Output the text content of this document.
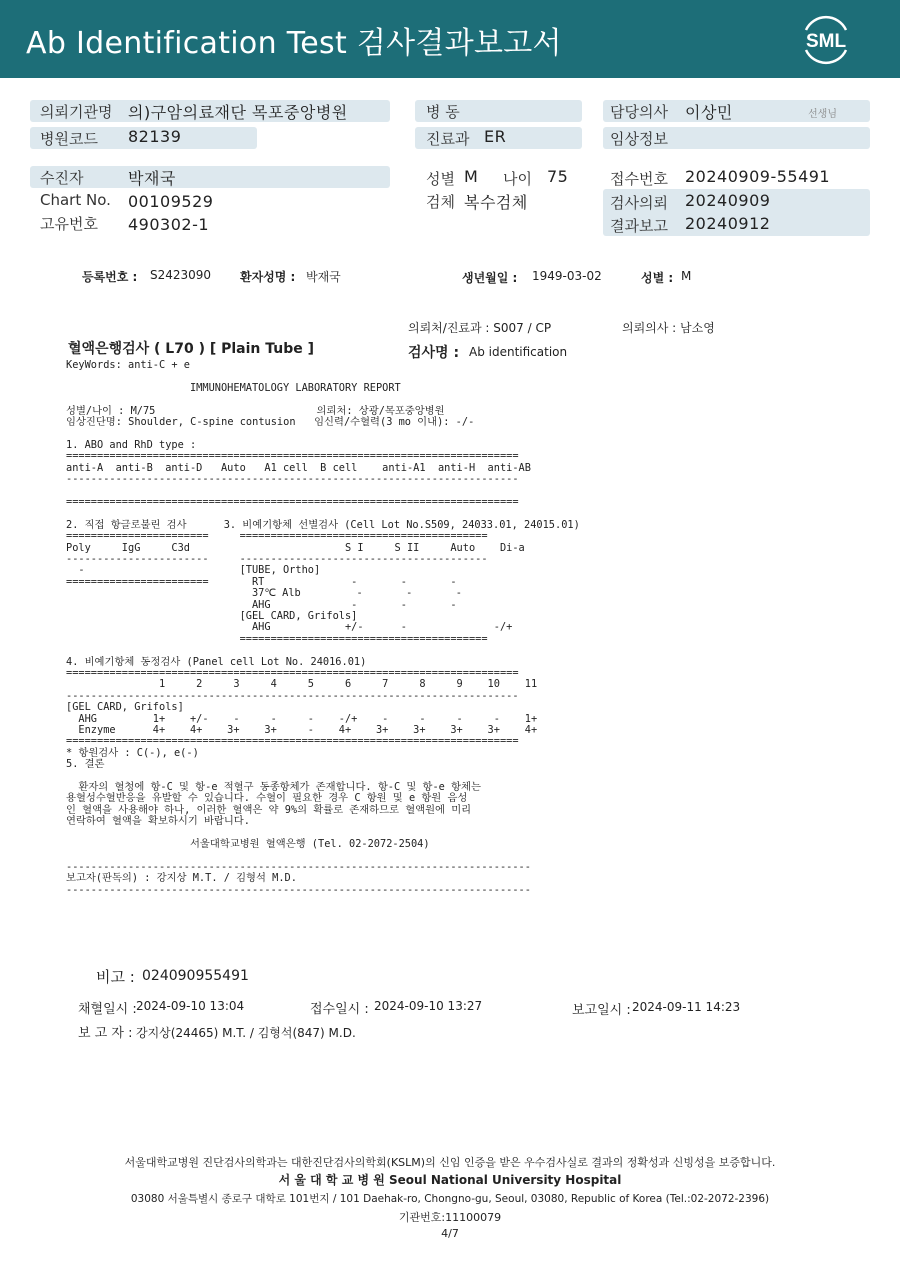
Ab Identification Test 검사결과보고서	SML
의뢰기관명 의)구암의료재단 목포중앙병원
병원코드 82139
병 동
진료과 ER
담당의사 이상민	선생님
임상정보
수진자	박재국
Chart No. 00109529
고유번호 490302-1
성별 M 나이 75
검체 복수검체
접수번호 20240909-55491
검사의뢰 20240909
결과보고 20240912
등록번호 : S2423090 환자성명 : 박재국	생년월일 : 1949-03-02	성별 : M
의뢰처/진료과 : S007 / CP	의뢰의사 : 남소영
혈액은행검사 ( L70 ) [ Plain Tube ]	검사명 : Ab identification
KeyWords: anti-C + e

IMMUNOHEMATOLOGY LABORATORY REPORT

성별/나이 : M/75                          의뢰처: 상광/목포중앙병원
임상진단명: Shoulder, C-spine contusion   임신력/수혈력(3 mo 이내): -/-

1. ABO and RhD type :
=========================================================================
anti-A  anti-B  anti-D   Auto   A1 cell  B cell    anti-A1  anti-H  anti-AB
-------------------------------------------------------------------------

=========================================================================

2. 직접 항글로불린 검사      3. 비예기항체 선별검사 (Cell Lot No.S509, 24033.01, 24015.01)
=======================     ========================================
Poly     IgG     C3d                         S I     S II     Auto    Di-a
-----------------------     ----------------------------------------
-                         [TUBE, Ortho]
=======================       RT              -       -       -
37℃ Alb         -       -       -
AHG             -       -       -
[GEL CARD, Grifols]
AHG            +/-      -              -/+
========================================

4. 비예기항체 동정검사 (Panel cell Lot No. 24016.01)
=========================================================================
1     2     3     4     5     6     7     8     9    10    11
-------------------------------------------------------------------------
[GEL CARD, Grifols]
AHG         1+    +/-    -     -     -    -/+    -     -     -     -    1+
Enzyme      4+    4+    3+    3+     -    4+    3+    3+    3+    3+    4+
=========================================================================
* 항원검사 : C(-), e(-)
5. 결론

환자의 혈청에 항-C 및 항-e 적혈구 동종항체가 존재합니다. 항-C 및 항-e 항체는
용혈성수혈반응을 유발할 수 있습니다. 수혈이 필요한 경우 C 항원 및 e 항원 음성
인 혈액을 사용해야 하나, 이러한 혈액은 약 9%의 확률로 존재하므로 혈액원에 미리
연락하여 혈액을 확보하시기 바랍니다.

서울대학교병원 혈액은행 (Tel. 02-2072-2504)

---------------------------------------------------------------------------
보고자(판독의) : 강지상 M.T. / 김형석 M.D.
---------------------------------------------------------------------------
비고 : 024090955491
채혈일시 : 2024-09-10 13:04	접수일시 : 2024-09-10 13:27	보고일시 : 2024-09-11 14:23
보 고 자 : 강지상(24465) M.T. / 김형석(847) M.D.
서울대학교병원 진단검사의학과는 대한진단검사의학회(KSLM)의 신임 인증을 받은 우수검사실로 결과의 정확성과 신빙성을 보증합니다.
서 울 대 학 교 병 원 Seoul National University Hospital
03080 서울특별시 종로구 대학로 101번지 / 101 Daehak-ro, Chongno-gu, Seoul, 03080, Republic of Korea (Tel.:02-2072-2396)
기관번호:11100079
4/7
